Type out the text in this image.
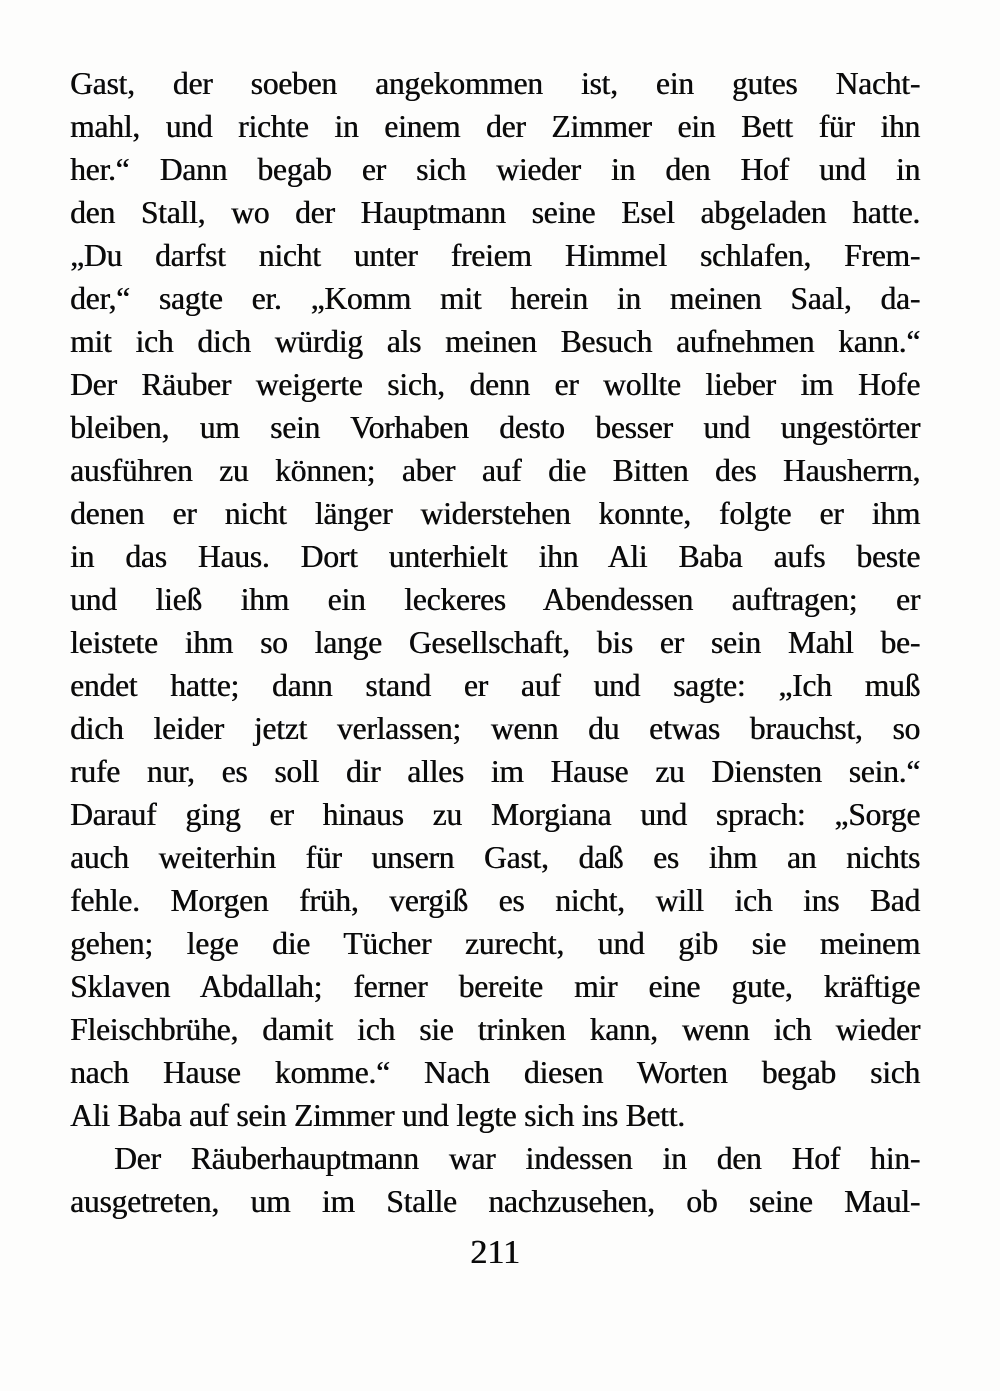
Gast, der soeben angekommen ist, ein gutes Nacht-
mahl, und richte in einem der Zimmer ein Bett für ihn
her.“ Dann begab er sich wieder in den Hof und in
den Stall, wo der Hauptmann seine Esel abgeladen hatte.
„Du darfst nicht unter freiem Himmel schlafen, Frem-
der,“ sagte er. „Komm mit herein in meinen Saal, da-
mit ich dich würdig als meinen Besuch aufnehmen kann.“
Der Räuber weigerte sich, denn er wollte lieber im Hofe
bleiben, um sein Vorhaben desto besser und ungestörter
ausführen zu können; aber auf die Bitten des Hausherrn,
denen er nicht länger widerstehen konnte, folgte er ihm
in das Haus. Dort unterhielt ihn Ali Baba aufs beste
und ließ ihm ein leckeres Abendessen auftragen; er
leistete ihm so lange Gesellschaft, bis er sein Mahl be-
endet hatte; dann stand er auf und sagte: „Ich muß
dich leider jetzt verlassen; wenn du etwas brauchst, so
rufe nur, es soll dir alles im Hause zu Diensten sein.“
Darauf ging er hinaus zu Morgiana und sprach: „Sorge
auch weiterhin für unsern Gast, daß es ihm an nichts
fehle. Morgen früh, vergiß es nicht, will ich ins Bad
gehen; lege die Tücher zurecht, und gib sie meinem
Sklaven Abdallah; ferner bereite mir eine gute, kräftige
Fleischbrühe, damit ich sie trinken kann, wenn ich wieder
nach Hause komme.“ Nach diesen Worten begab sich
Ali Baba auf sein Zimmer und legte sich ins Bett.
Der Räuberhauptmann war indessen in den Hof hin-
ausgetreten, um im Stalle nachzusehen, ob seine Maul-
211
